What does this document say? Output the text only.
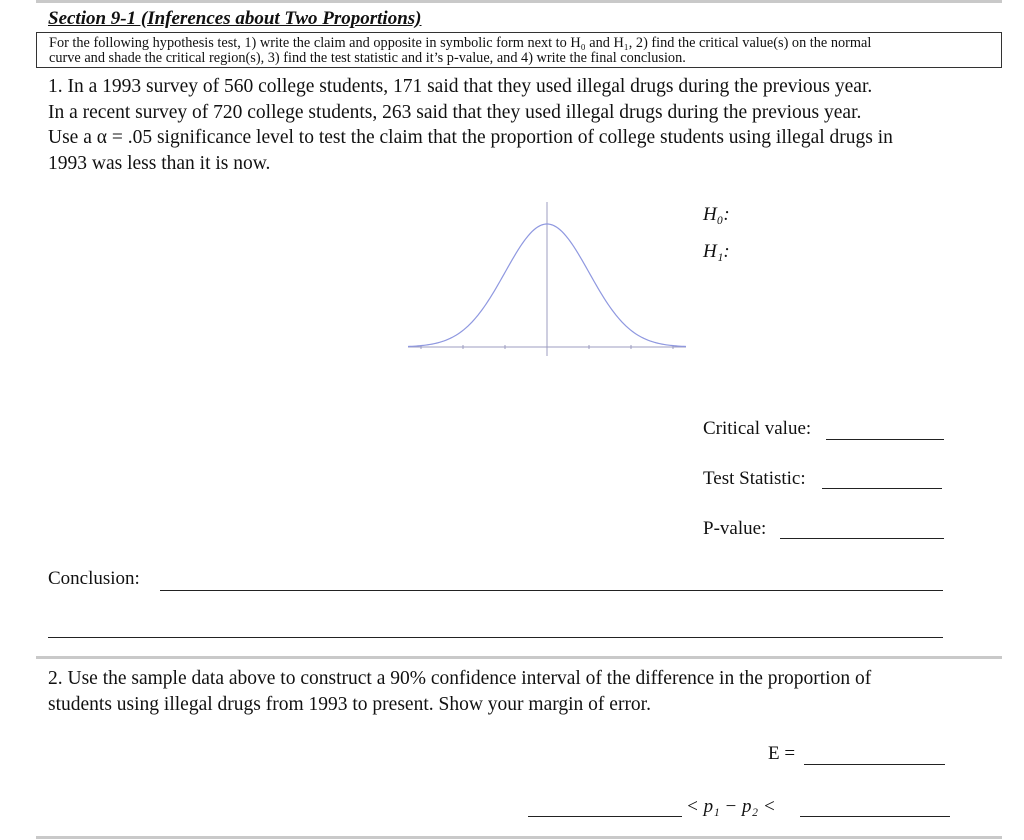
Section 9-1 (Inferences about Two Proportions)
For the following hypothesis test, 1) write the claim and opposite in symbolic form next to H₀ and H₁, 2) find the critical value(s) on the normal
curve and shade the critical region(s), 3) find the test statistic and it’s p-value, and 4) write the final conclusion.
1. In a 1993 survey of 560 college students, 171 said that they used illegal drugs during the previous year.
In a recent survey of 720 college students, 263 said that they used illegal drugs during the previous year.
Use a α = .05 significance level to test the claim that the proportion of college students using illegal drugs in
1993 was less than it is now.
H₀:
H₁:
Critical value:
Test Statistic:
P-value:
Conclusion:
2. Use the sample data above to construct a 90% confidence interval of the difference in the proportion of
students using illegal drugs from 1993 to present. Show your margin of error.
E =
< p₁ − p₂ <
